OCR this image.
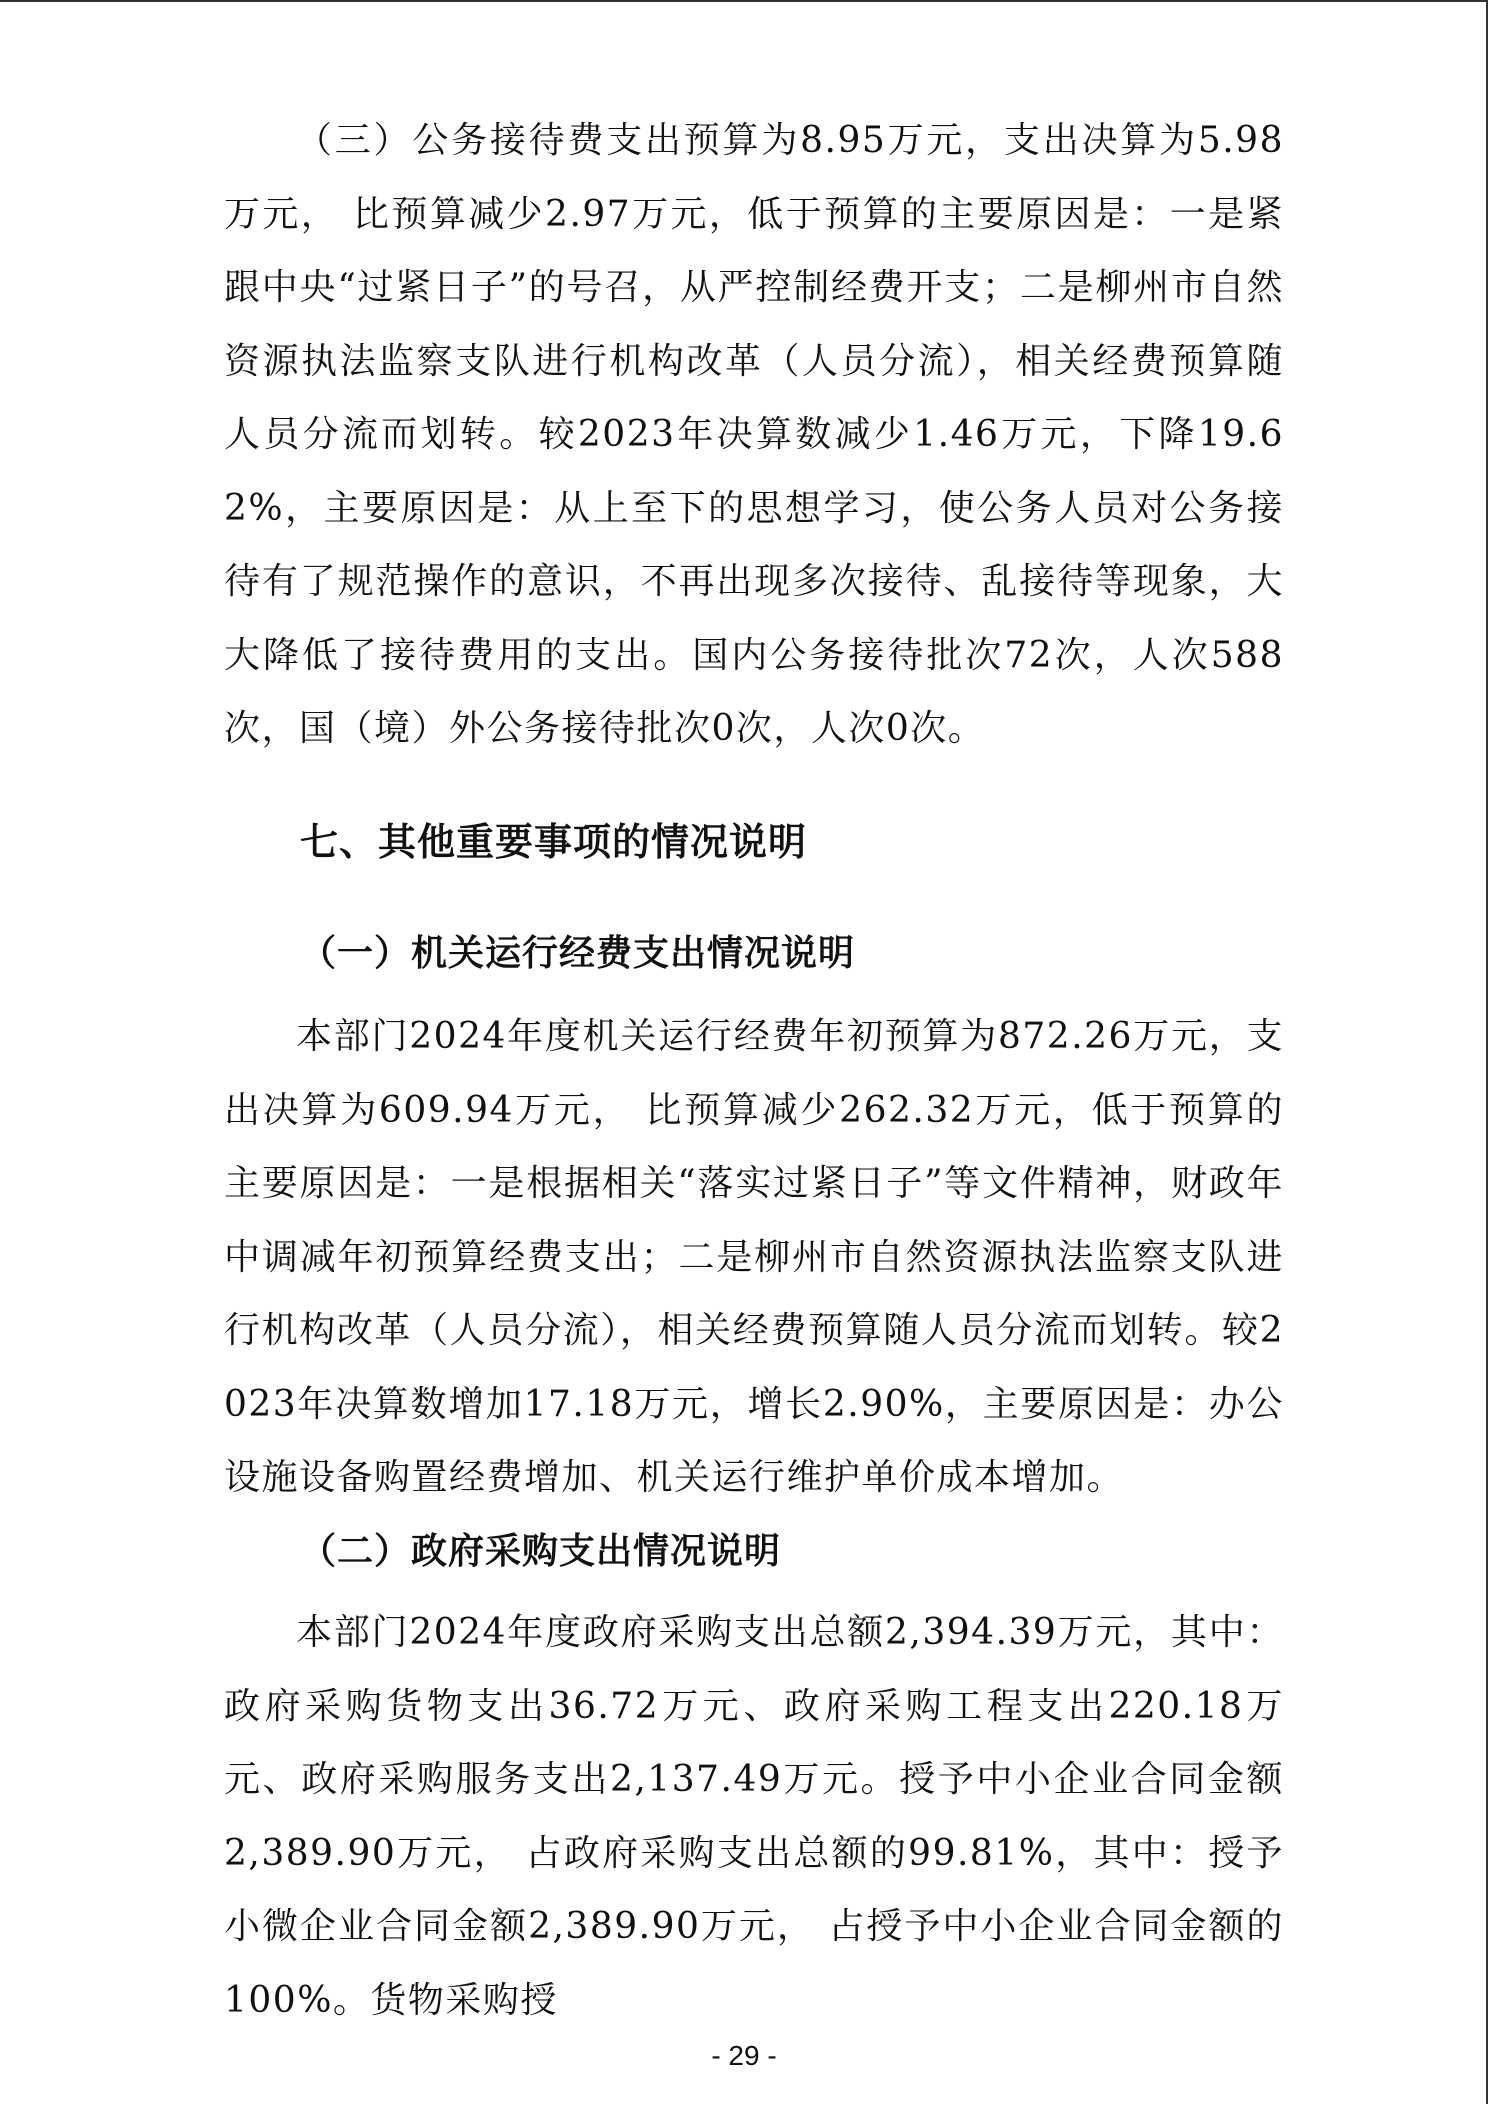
（三）公务接待费支出预算为8.95万元，支出决算为5.98万元， 比预算减少2.97万元，低于预算的主要原因是：一是紧跟中央“过紧日子”的号召，从严控制经费开支；二是柳州市自然资源执法监察支队进行机构改革（人员分流），相关经费预算随人员分流而划转。较2023年决算数减少1.46万元，下降19.62%，主要原因是：从上至下的思想学习，使公务人员对公务接待有了规范操作的意识，不再出现多次接待、乱接待等现象，大大降低了接待费用的支出。国内公务接待批次72次，人次588次，国（境）外公务接待批次0次，人次0次。

七、其他重要事项的情况说明
（一）机关运行经费支出情况说明

本部门2024年度机关运行经费年初预算为872.26万元，支出决算为609.94万元， 比预算减少262.32万元，低于预算的主要原因是：一是根据相关“落实过紧日子”等文件精神，财政年中调减年初预算经费支出；二是柳州市自然资源执法监察支队进行机构改革（人员分流），相关经费预算随人员分流而划转。较2023年决算数增加17.18万元，增长2.90%，主要原因是：办公设施设备购置经费增加、机关运行维护单价成本增加。

（二）政府采购支出情况说明

本部门2024年度政府采购支出总额2,394.39万元，其中：政府采购货物支出36.72万元、政府采购工程支出220.18万元、政府采购服务支出2,137.49万元。授予中小企业合同金额2,389.90万元， 占政府采购支出总额的99.81%，其中：授予小微企业合同金额2,389.90万元， 占授予中小企业合同金额的100%。货物采购授

- 29 -
